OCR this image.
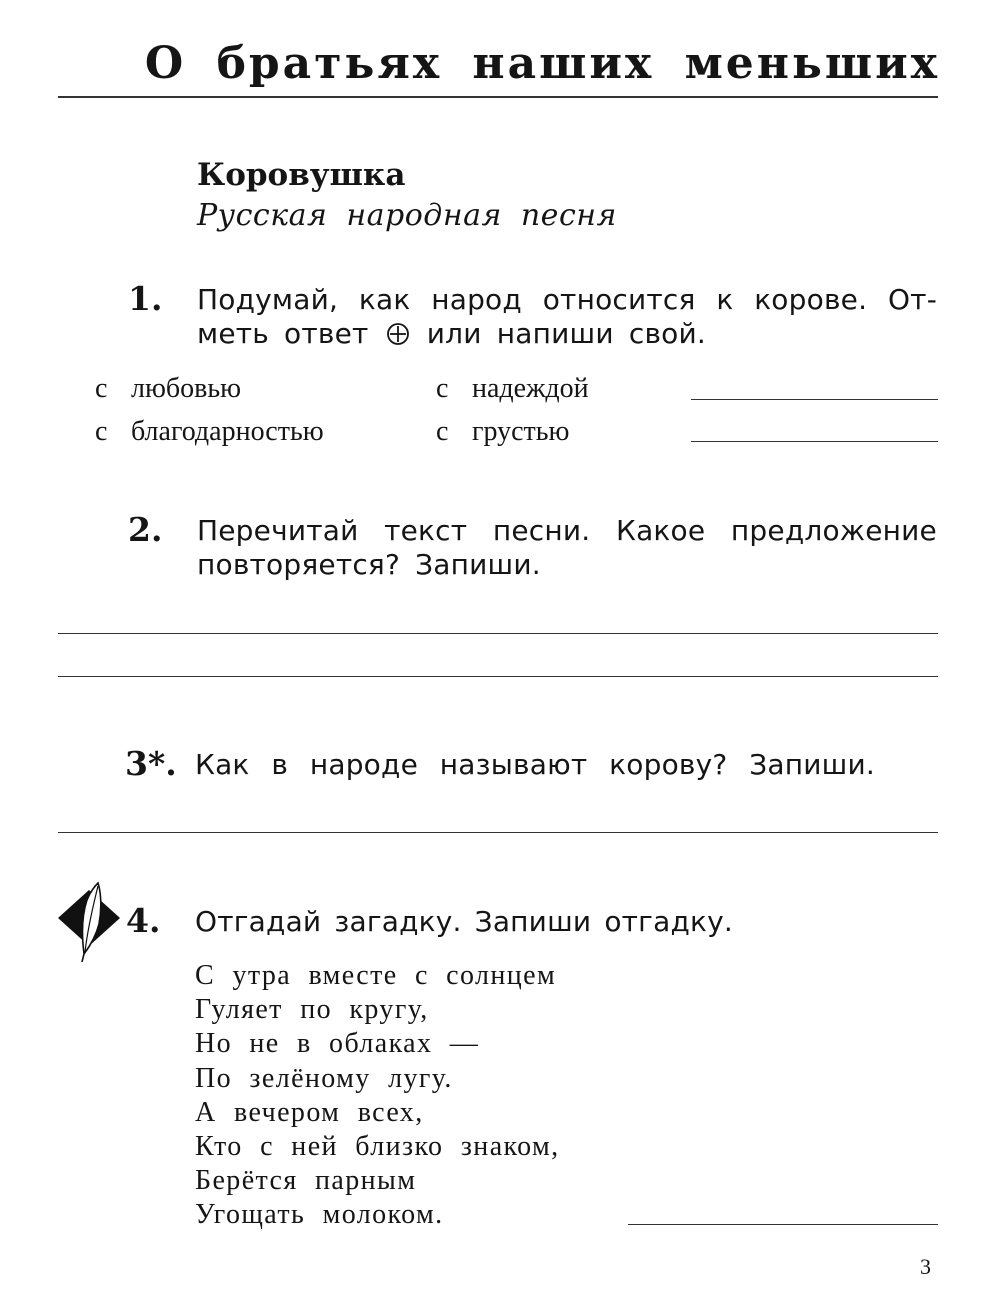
О братьях наших меньших
Коровушка
Русская народная песня
1. Подумай, как народ относится к корове. От-
меть ответ или напиши свой.
с любовью	с надеждой
с благодарностью	с грустью
2. Перечитай текст песни. Какое предложение
повторяется? Запиши.
3*. Как в народе называют корову? Запиши.
4. Отгадай загадку. Запиши отгадку.
С утра вместе с солнцем
Гуляет по кругу,
Но не в облаках —
По зелёному лугу.
А вечером всех,
Кто с ней близко знаком,
Берётся парным
Угощать молоком.
3
